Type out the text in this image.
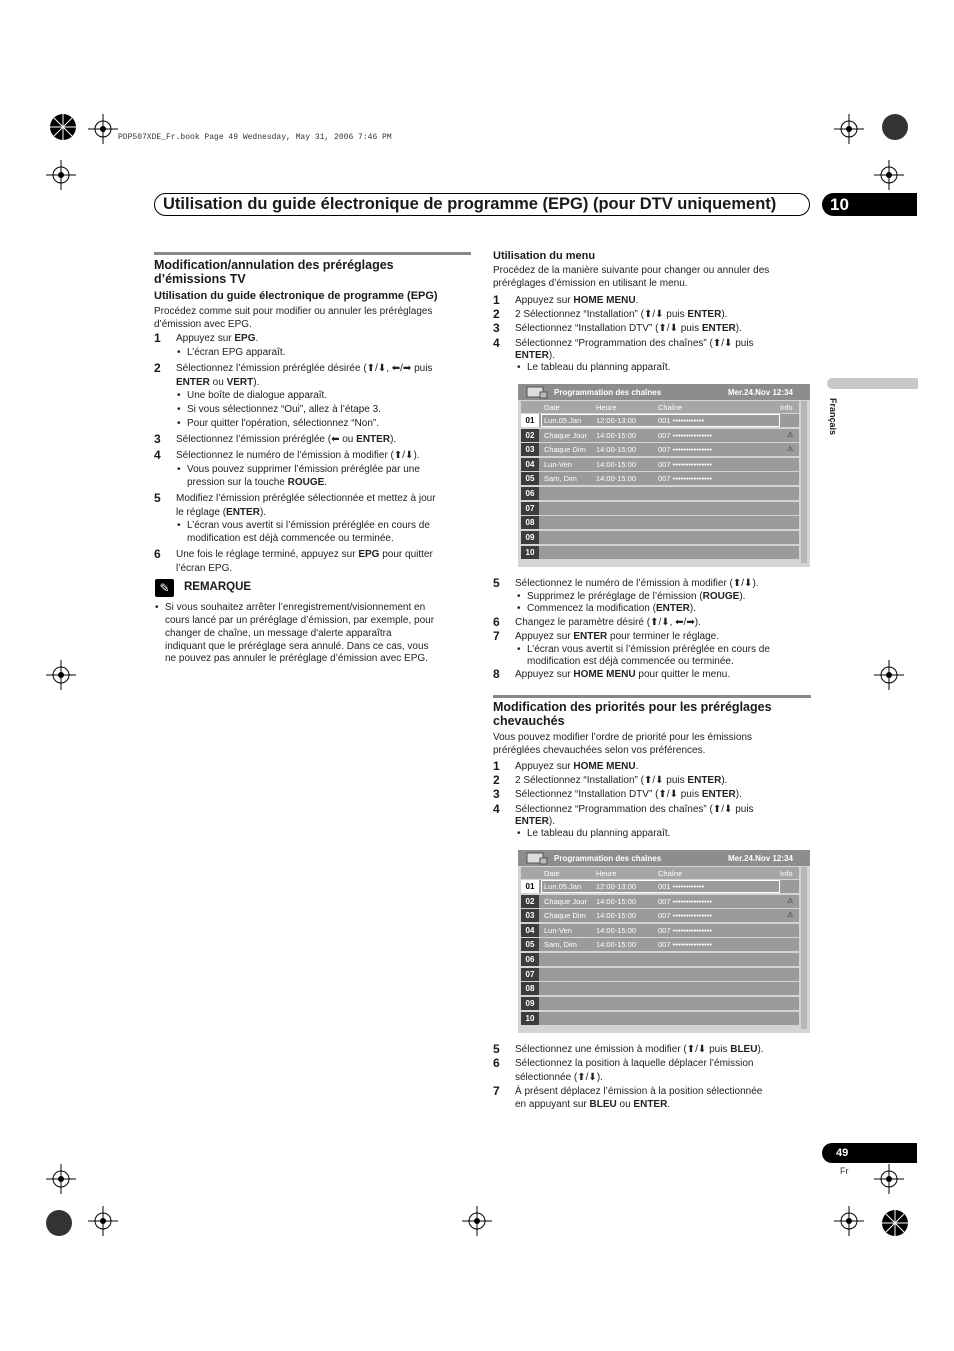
PDP507XDE_Fr.book Page 49 Wednesday, May 31, 2006 7:46 PM
Utilisation du guide électronique de programme (EPG) (pour DTV uniquement)	10
Français
Modification/annulation des préréglages
d’émissions TV
Utilisation du guide électronique de programme (EPG)
Procédez comme suit pour modifier ou annuler les préréglages
d’émission avec EPG.
1 Appuyez sur EPG.
• L’écran EPG apparaît.
2 Sélectionnez l’émission préréglée désirée (⬆/⬇, ⬅/➡ puis
ENTER ou VERT).
• Une boîte de dialogue apparaît.
• Si vous sélectionnez “Oui”, allez à l’étape 3.
• Pour quitter l'opération, sélectionnez “Non”.
3 Sélectionnez l’émission préréglée (⬅ ou ENTER).
4 Sélectionnez le numéro de l’émission à modifier (⬆/⬇).
• Vous pouvez supprimer l’émission préréglée par une
pression sur la touche ROUGE.
5 Modifiez l’émission préréglée sélectionnée et mettez à jour
le réglage (ENTER).
• L’écran vous avertit si l’émission préréglée en cours de
modification est déjà commencée ou terminée.
6 Une fois le réglage terminé, appuyez sur EPG pour quitter
l’écran EPG.
✎	REMARQUE
• Si vous souhaitez arrêter l’enregistrement/visionnement en
cours lancé par un préréglage d’émission, par exemple, pour
changer de chaîne, un message d'alerte apparaîtra
indiquant que le préréglage sera annulé. Dans ce cas, vous
ne pouvez pas annuler le préréglage d’émission avec EPG.
Utilisation du menu
Procédez de la manière suivante pour changer ou annuler des
préréglages d’émission en utilisant le menu.
1 Appuyez sur HOME MENU.
2 2 Sélectionnez “Installation” (⬆/⬇ puis ENTER).
3 Sélectionnez “Installation DTV” (⬆/⬇ puis ENTER).
4 Sélectionnez “Programmation des chaînes” (⬆/⬇ puis
ENTER).
• Le tableau du planning apparaît.
Programmation des chaînes	Mer.24.Nov 12:34
Date	Heure	Chaîne	Info
01	Lun.05.Jan 12:00-13:00	001 ••••••••••••
02	Chaque Jour 14:00-15:00	007 •••••••••••••••	⚠
03	Chaque Dim 14:00-15:00	007 •••••••••••••••	⚠
04	Lun-Ven	14:00-15:00	007 •••••••••••••••
05	Sam, Dim	14:00-15:00	007 •••••••••••••••
06
07
08
09
10
5 Sélectionnez le numéro de l’émission à modifier (⬆/⬇).
• Supprimez le préréglage de l’émission (ROUGE).
• Commencez la modification (ENTER).
6 Changez le paramètre désiré (⬆/⬇, ⬅/➡).
7 Appuyez sur ENTER pour terminer le réglage.
• L’écran vous avertit si l’émission préréglée en cours de
modification est déjà commencée ou terminée.
8 Appuyez sur HOME MENU pour quitter le menu.
Modification des priorités pour les préréglages
chevauchés
Vous pouvez modifier l’ordre de priorité pour les émissions
préréglées chevauchées selon vos préférences.
1 Appuyez sur HOME MENU.
2 2 Sélectionnez “Installation” (⬆/⬇ puis ENTER).
3 Sélectionnez “Installation DTV” (⬆/⬇ puis ENTER).
4 Sélectionnez “Programmation des chaînes” (⬆/⬇ puis
ENTER).
• Le tableau du planning apparaît.
Programmation des chaînes	Mer.24.Nov 12:34
Date	Heure	Chaîne	Info
01	Lun.05.Jan 12:00-13:00	001 ••••••••••••
02	Chaque Jour 14:00-15:00	007 •••••••••••••••	⚠
03	Chaque Dim 14:00-15:00	007 •••••••••••••••	⚠
04	Lun-Ven	14:00-15:00	007 •••••••••••••••
05	Sam, Dim	14:00-15:00	007 •••••••••••••••
06
07
08
09
10
5 Sélectionnez une émission à modifier (⬆/⬇ puis BLEU).
6 Sélectionnez la position à laquelle déplacer l’émission
sélectionnée (⬆/⬇).
7 À présent déplacez l’émission à la position sélectionnée
en appuyant sur BLEU ou ENTER.
49
Fr
